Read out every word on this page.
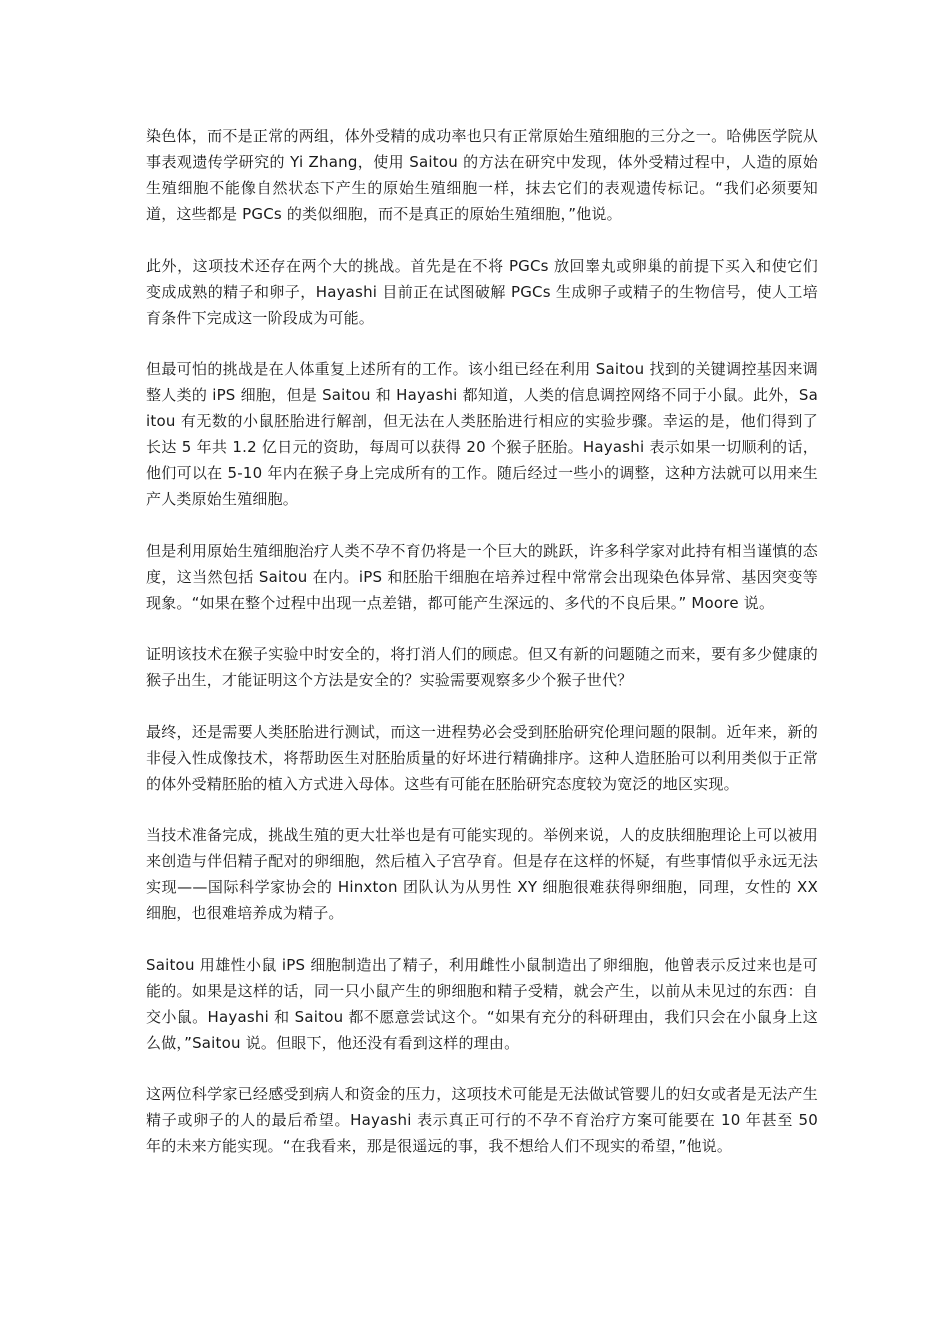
染色体，而不是正常的两组，体外受精的成功率也只有正常原始生殖细胞的三分之一。哈佛医学院从事表观遗传学研究的 Yi Zhang，使用 Saitou 的方法在研究中发现，体外受精过程中，人造的原始生殖细胞不能像自然状态下产生的原始生殖细胞一样，抹去它们的表观遗传标记。“我们必须要知道，这些都是 PGCs 的类似细胞，而不是真正的原始生殖细胞，”他说。

此外，这项技术还存在两个大的挑战。首先是在不将 PGCs 放回睾丸或卵巢的前提下买入和使它们变成成熟的精子和卵子，Hayashi 目前正在试图破解 PGCs 生成卵子或精子的生物信号，使人工培育条件下完成这一阶段成为可能。

但最可怕的挑战是在人体重复上述所有的工作。该小组已经在利用 Saitou 找到的关键调控基因来调整人类的 iPS 细胞，但是 Saitou 和 Hayashi 都知道，人类的信息调控网络不同于小鼠。此外，Saitou 有无数的小鼠胚胎进行解剖，但无法在人类胚胎进行相应的实验步骤。幸运的是，他们得到了长达 5 年共 1.2 亿日元的资助，每周可以获得 20 个猴子胚胎。Hayashi 表示如果一切顺利的话，他们可以在 5-10 年内在猴子身上完成所有的工作。随后经过一些小的调整，这种方法就可以用来生产人类原始生殖细胞。

但是利用原始生殖细胞治疗人类不孕不育仍将是一个巨大的跳跃，许多科学家对此持有相当谨慎的态度，这当然包括 Saitou 在内。iPS 和胚胎干细胞在培养过程中常常会出现染色体异常、基因突变等现象。“如果在整个过程中出现一点差错，都可能产生深远的、多代的不良后果。” Moore 说。

证明该技术在猴子实验中时安全的，将打消人们的顾虑。但又有新的问题随之而来，要有多少健康的猴子出生，才能证明这个方法是安全的？实验需要观察多少个猴子世代？

最终，还是需要人类胚胎进行测试，而这一进程势必会受到胚胎研究伦理问题的限制。近年来，新的非侵入性成像技术，将帮助医生对胚胎质量的好坏进行精确排序。这种人造胚胎可以利用类似于正常的体外受精胚胎的植入方式进入母体。这些有可能在胚胎研究态度较为宽泛的地区实现。

当技术准备完成，挑战生殖的更大壮举也是有可能实现的。举例来说，人的皮肤细胞理论上可以被用来创造与伴侣精子配对的卵细胞，然后植入子宫孕育。但是存在这样的怀疑，有些事情似乎永远无法实现——国际科学家协会的 Hinxton 团队认为从男性 XY 细胞很难获得卵细胞，同理，女性的 XX 细胞，也很难培养成为精子。

Saitou 用雄性小鼠 iPS 细胞制造出了精子，利用雌性小鼠制造出了卵细胞，他曾表示反过来也是可能的。如果是这样的话，同一只小鼠产生的卵细胞和精子受精，就会产生，以前从未见过的东西：自交小鼠。Hayashi 和 Saitou 都不愿意尝试这个。“如果有充分的科研理由，我们只会在小鼠身上这么做，”Saitou 说。但眼下，他还没有看到这样的理由。

这两位科学家已经感受到病人和资金的压力，这项技术可能是无法做试管婴儿的妇女或者是无法产生精子或卵子的人的最后希望。Hayashi 表示真正可行的不孕不育治疗方案可能要在 10 年甚至 50 年的未来方能实现。“在我看来，那是很遥远的事，我不想给人们不现实的希望，”他说。
